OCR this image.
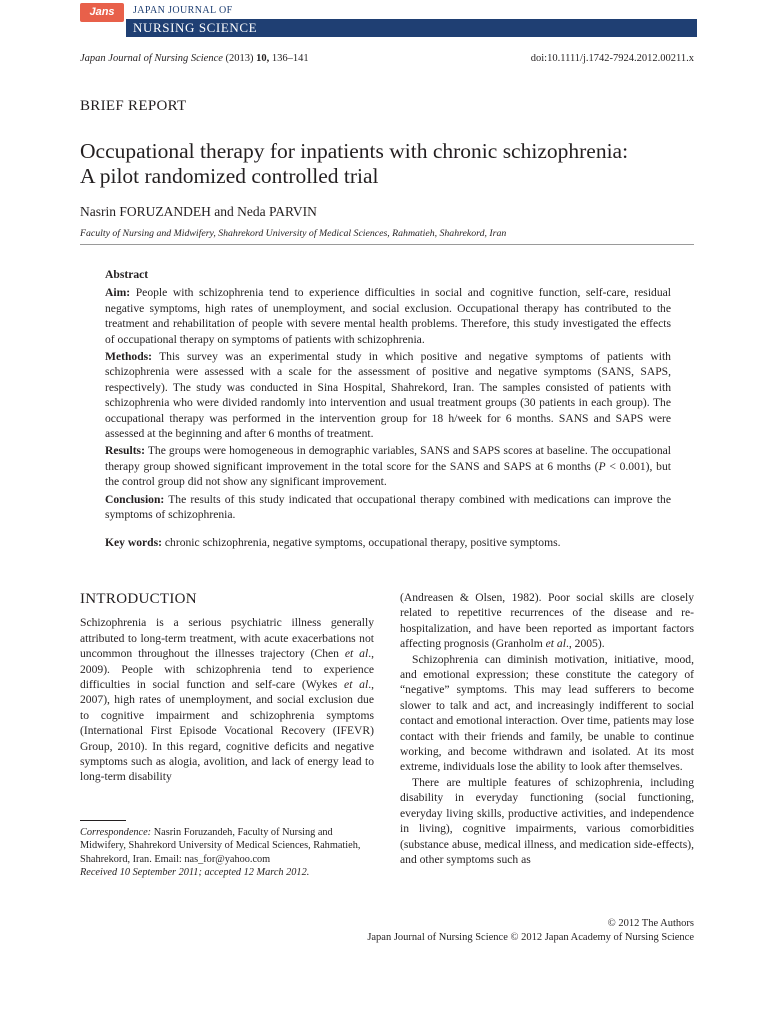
Jans	JAPAN JOURNAL OF
NURSING SCIENCE
Japan Journal of Nursing Science (2013) 10, 136–141	doi:10.1111/j.1742-7924.2012.00211.x
BRIEF REPORT
Occupational therapy for inpatients with chronic schizophrenia:
A pilot randomized controlled trial
Nasrin FORUZANDEH and Neda PARVIN
Faculty of Nursing and Midwifery, Shahrekord University of Medical Sciences, Rahmatieh, Shahrekord, Iran
Abstract

Aim: People with schizophrenia tend to experience difficulties in social and cognitive function, self-care, residual negative symptoms, high rates of unemployment, and social exclusion. Occupational therapy has contributed to the treatment and rehabilitation of people with severe mental health problems. Therefore, this study investigated the effects of occupational therapy on symptoms of patients with schizophrenia.

Methods: This survey was an experimental study in which positive and negative symptoms of patients with schizophrenia were assessed with a scale for the assessment of positive and negative symptoms (SANS, SAPS, respectively). The study was conducted in Sina Hospital, Shahrekord, Iran. The samples consisted of patients with schizophrenia who were divided randomly into intervention and usual treatment groups (30 patients in each group). The occupational therapy was performed in the intervention group for 18 h/week for 6 months. SANS and SAPS were assessed at the beginning and after 6 months of treatment.

Results: The groups were homogeneous in demographic variables, SANS and SAPS scores at baseline. The occupational therapy group showed significant improvement in the total score for the SANS and SAPS at 6 months (P < 0.001), but the control group did not show any significant improvement.

Conclusion: The results of this study indicated that occupational therapy combined with medications can improve the symptoms of schizophrenia.

Key words: chronic schizophrenia, negative symptoms, occupational therapy, positive symptoms.

INTRODUCTION

Schizophrenia is a serious psychiatric illness generally attributed to long-term treatment, with acute exacerbations not uncommon throughout the illnesses trajectory (Chen et al., 2009). People with schizophrenia tend to experience difficulties in social function and self-care (Wykes et al., 2007), high rates of unemployment, and social exclusion due to cognitive impairment and schizophrenia symptoms (International First Episode Vocational Recovery (IFEVR) Group, 2010). In this regard, cognitive deficits and negative symptoms such as alogia, avolition, and lack of energy lead to long-term disability

(Andreasen & Olsen, 1982). Poor social skills are closely related to repetitive recurrences of the disease and re-hospitalization, and have been reported as important factors affecting prognosis (Granholm et al., 2005).

Schizophrenia can diminish motivation, initiative, mood, and emotional expression; these constitute the category of “negative” symptoms. This may lead sufferers to become slower to talk and act, and increasingly indifferent to social contact and emotional interaction. Over time, patients may lose contact with their friends and family, be unable to continue working, and become withdrawn and isolated. At its most extreme, individuals lose the ability to look after themselves.

There are multiple features of schizophrenia, including disability in everyday functioning (social functioning, everyday living skills, productive activities, and independence in living), cognitive impairments, various comorbidities (substance abuse, medical illness, and medication side-effects), and other symptoms such as

Correspondence: Nasrin Foruzandeh, Faculty of Nursing and Midwifery, Shahrekord University of Medical Sciences, Rahmatieh, Shahrekord, Iran. Email: nas_for@yahoo.com

Received 10 September 2011; accepted 12 March 2012.

© 2012 The Authors
Japan Journal of Nursing Science © 2012 Japan Academy of Nursing Science
